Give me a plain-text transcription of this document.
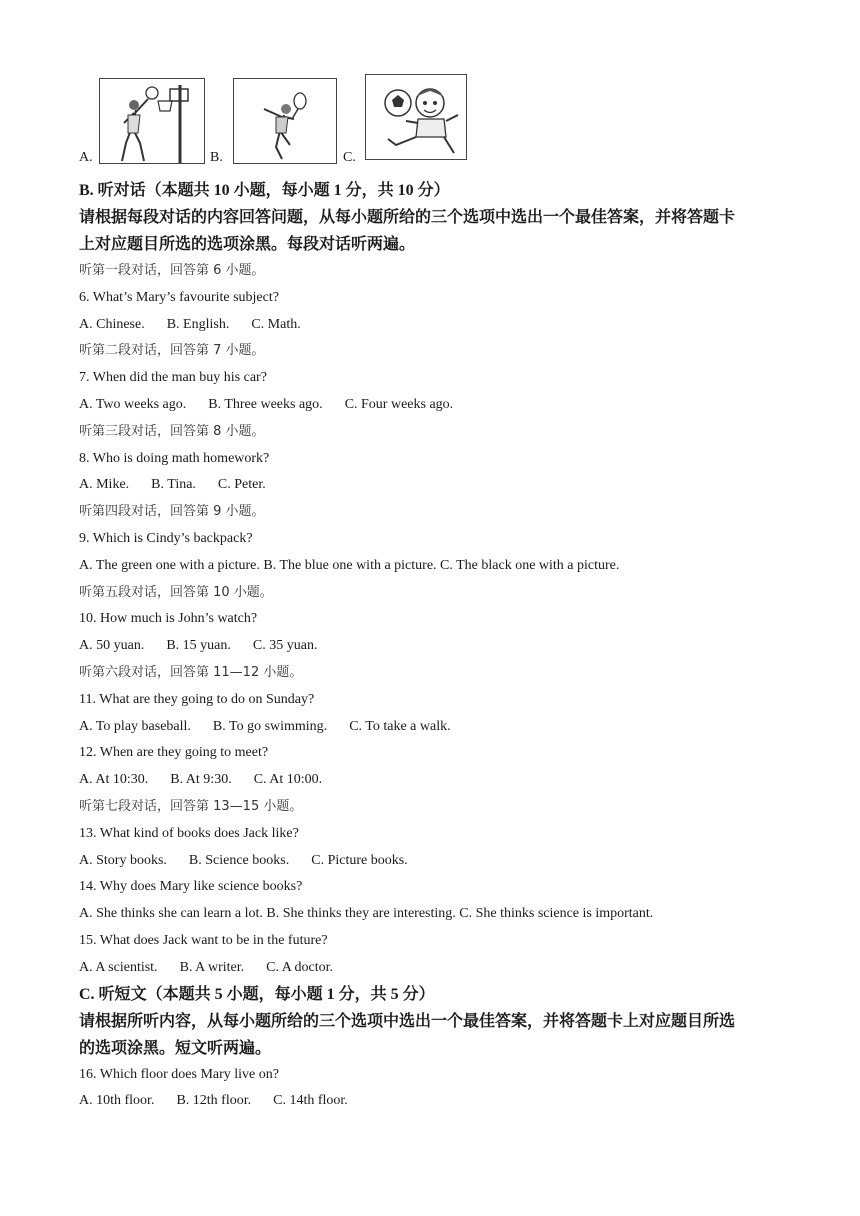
A.	B.	C.

B. 听对话（本题共 10 小题，每小题 1 分，共 10 分）

请根据每段对话的内容回答问题，从每小题所给的三个选项中选出一个最佳答案，并将答题卡

上对应题目所选的选项涂黑。每段对话听两遍。

听第一段对话，回答第 6 小题。

6. What’s Mary’s favourite subject?

A. Chinese. B. English. C. Math.

听第二段对话，回答第 7 小题。

7. When did the man buy his car?

A. Two weeks ago. B. Three weeks ago. C. Four weeks ago.

听第三段对话，回答第 8 小题。

8. Who is doing math homework?

A. Mike. B. Tina. C. Peter.

听第四段对话，回答第 9 小题。

9. Which is Cindy’s backpack?

A. The green one with a picture. B. The blue one with a picture. C. The black one with a picture.

听第五段对话，回答第 10 小题。

10. How much is John’s watch?

A. 50 yuan. B. 15 yuan. C. 35 yuan.

听第六段对话，回答第 11—12 小题。

11. What are they going to do on Sunday?

A. To play baseball. B. To go swimming. C. To take a walk.

12. When are they going to meet?

A. At 10:30. B. At 9:30. C. At 10:00.

听第七段对话，回答第 13—15 小题。

13. What kind of books does Jack like?

A. Story books. B. Science books. C. Picture books.

14. Why does Mary like science books?

A. She thinks she can learn a lot. B. She thinks they are interesting. C. She thinks science is important.

15. What does Jack want to be in the future?

A. A scientist. B. A writer. C. A doctor.

C. 听短文（本题共 5 小题，每小题 1 分，共 5 分）

请根据所听内容，从每小题所给的三个选项中选出一个最佳答案，并将答题卡上对应题目所选

的选项涂黑。短文听两遍。

16. Which floor does Mary live on?

A. 10th floor. B. 12th floor. C. 14th floor.
